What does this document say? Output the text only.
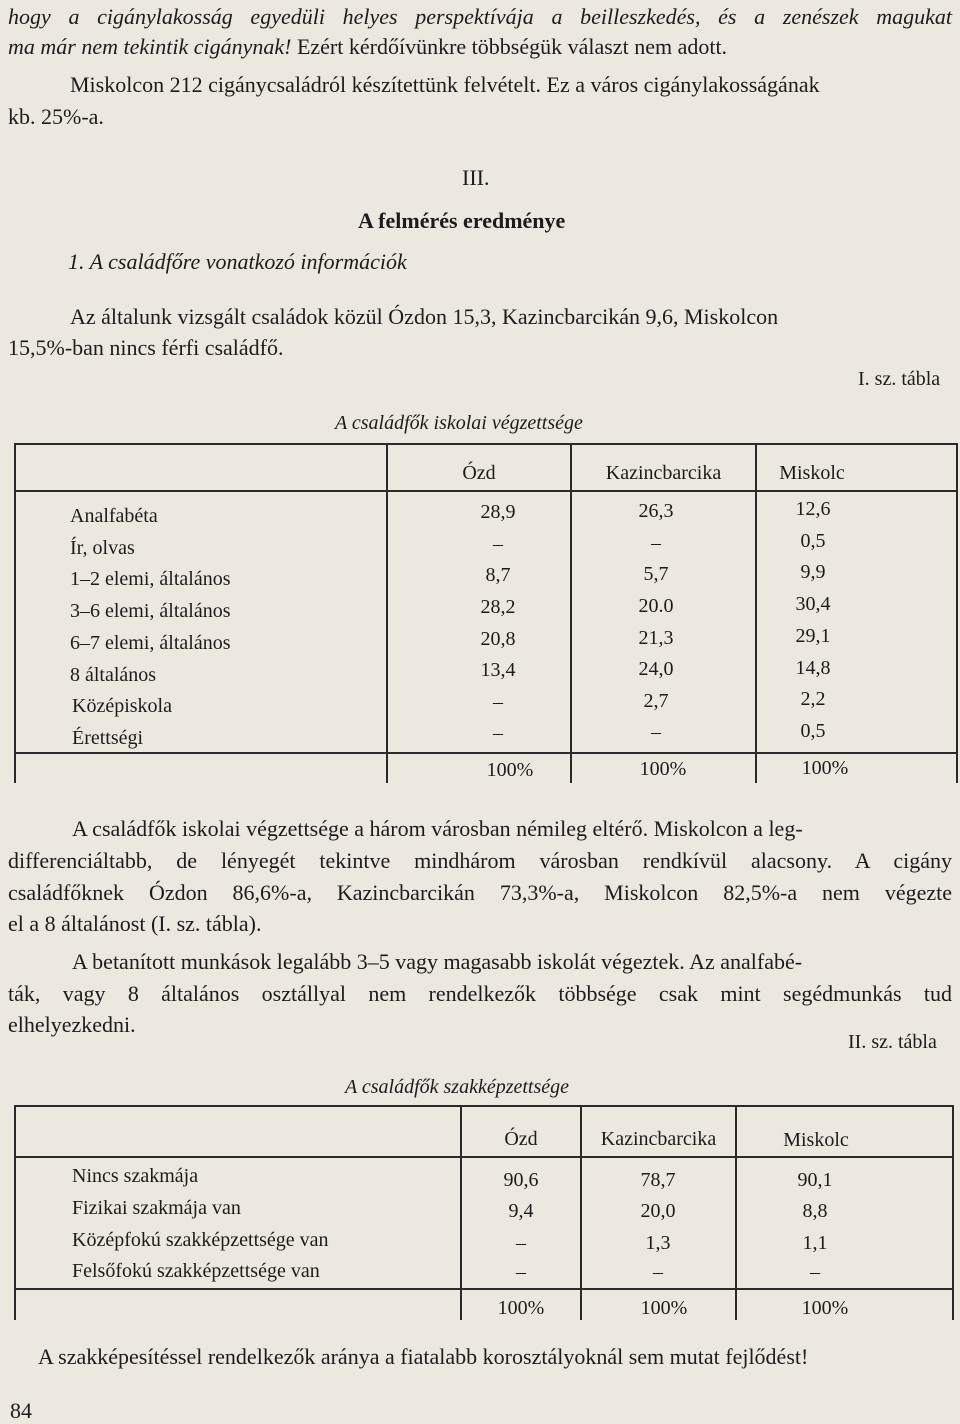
hogy a cigánylakosság egyedüli helyes perspektívája a beilleszkedés, és a zenészek magukat
ma már nem tekintik cigánynak! Ezért kérdőívünkre többségük választ nem adott.
Miskolcon 212 cigánycsaládról készítettünk felvételt. Ez a város cigánylakosságának
kb. 25%-a.
III.
A felmérés eredménye
1. A családfőre vonatkozó információk
Az általunk vizsgált családok közül Ózdon 15,3, Kazincbarcikán 9,6, Miskolcon
15,5%-ban nincs férfi családfő.
I. sz. tábla
A családfők iskolai végzettsége
Ózd	Kazincbarcika	Miskolc
Analfabéta	28,9	26,3	12,6
Ír, olvas	–	–	0,5
1–2 elemi, általános	8,7	5,7	9,9
3–6 elemi, általános	28,2	20.0	30,4
6–7 elemi, általános	20,8	21,3	29,1
8 általános	13,4	24,0	14,8
Középiskola	–	2,7	2,2
Érettségi	–	–	0,5
100%	100%	100%
A családfők iskolai végzettsége a három városban némileg eltérő. Miskolcon a leg-
differenciáltabb, de lényegét tekintve mindhárom városban rendkívül alacsony. A cigány
családfőknek Ózdon 86,6%-a, Kazincbarcikán 73,3%-a, Miskolcon 82,5%-a nem végezte
el a 8 általánost (I. sz. tábla).
A betanított munkások legalább 3–5 vagy magasabb iskolát végeztek. Az analfabé-
ták, vagy 8 általános osztállyal nem rendelkezők többsége csak mint segédmunkás tud
elhelyezkedni.
II. sz. tábla
A családfők szakképzettsége
Ózd	Kazincbarcika	Miskolc
Nincs szakmája	90,6	78,7	90,1
Fizikai szakmája van	9,4	20,0	8,8
Középfokú szakképzettsége van	–	1,3	1,1
Felsőfokú szakképzettsége van	–	–	–
100%	100%	100%
A szakképesítéssel rendelkezők aránya a fiatalabb korosztályoknál sem mutat fejlődést!
84
